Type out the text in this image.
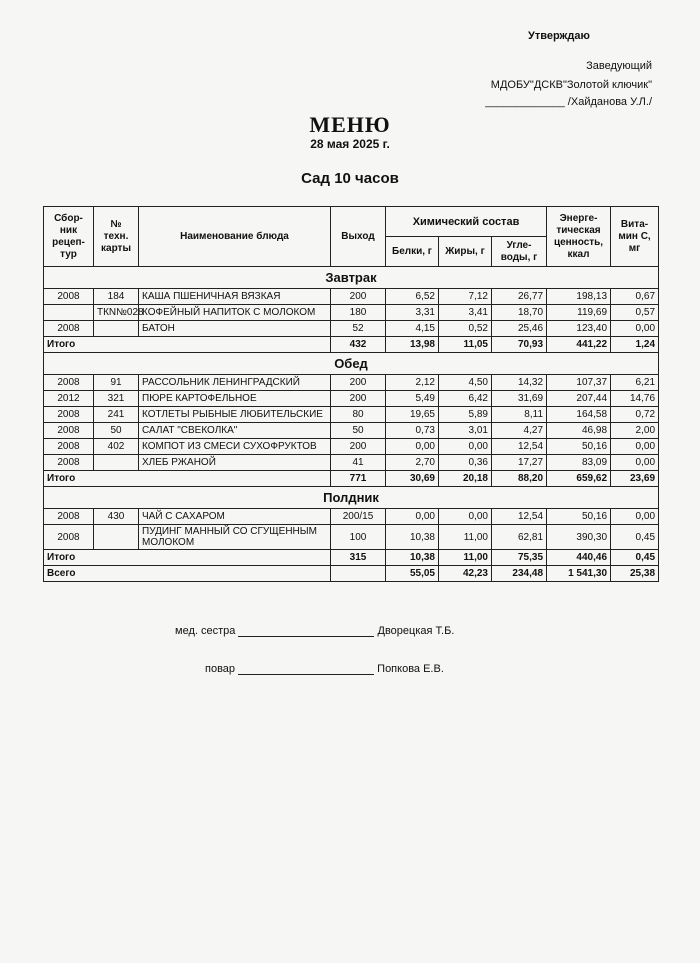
Утверждаю
Заведующий
МДОБУ"ДСКВ"Золотой ключик"
_____________ /Хайданова У.Л./
МЕНЮ
28 мая 2025 г.
Сад 10 часов
Сбор-ник рецеп-тур	№ техн. карты	Наименование блюда	Выход	Химический состав			Энерге-тическая ценность, ккал	Вита-мин С, мг
				Белки, г	Жиры, г	Угле-воды, г		
Завтрак								
2008	184	КАША ПШЕНИЧНАЯ ВЯЗКАЯ	200	6,52	7,12	26,77	198,13	0,67
	ТКN№028	КОФЕЙНЫЙ НАПИТОК С МОЛОКОМ	180	3,31	3,41	18,70	119,69	0,57
2008		БАТОН	52	4,15	0,52	25,46	123,40	0,00
Итого			432	13,98	11,05	70,93	441,22	1,24
Обед								
2008	91	РАССОЛЬНИК ЛЕНИНГРАДСКИЙ	200	2,12	4,50	14,32	107,37	6,21
2012	321	ПЮРЕ КАРТОФЕЛЬНОЕ	200	5,49	6,42	31,69	207,44	14,76
2008	241	КОТЛЕТЫ РЫБНЫЕ ЛЮБИТЕЛЬСКИЕ	80	19,65	5,89	8,11	164,58	0,72
2008	50	САЛАТ "СВЕКОЛКА"	50	0,73	3,01	4,27	46,98	2,00
2008	402	КОМПОТ ИЗ СМЕСИ СУХОФРУКТОВ	200	0,00	0,00	12,54	50,16	0,00
2008		ХЛЕБ РЖАНОЙ	41	2,70	0,36	17,27	83,09	0,00
Итого			771	30,69	20,18	88,20	659,62	23,69
Полдник								
2008	430	ЧАЙ С САХАРОМ	200/15	0,00	0,00	12,54	50,16	0,00
2008		ПУДИНГ МАННЫЙ СО СГУЩЕННЫМ МОЛОКОМ	100	10,38	11,00	62,81	390,30	0,45
Итого			315	10,38	11,00	75,35	440,46	0,45
Всего				55,05	42,23	234,48	1 541,30	25,38
мед. сестра	Дворецкая Т.Б.
повар	Попкова Е.В.
